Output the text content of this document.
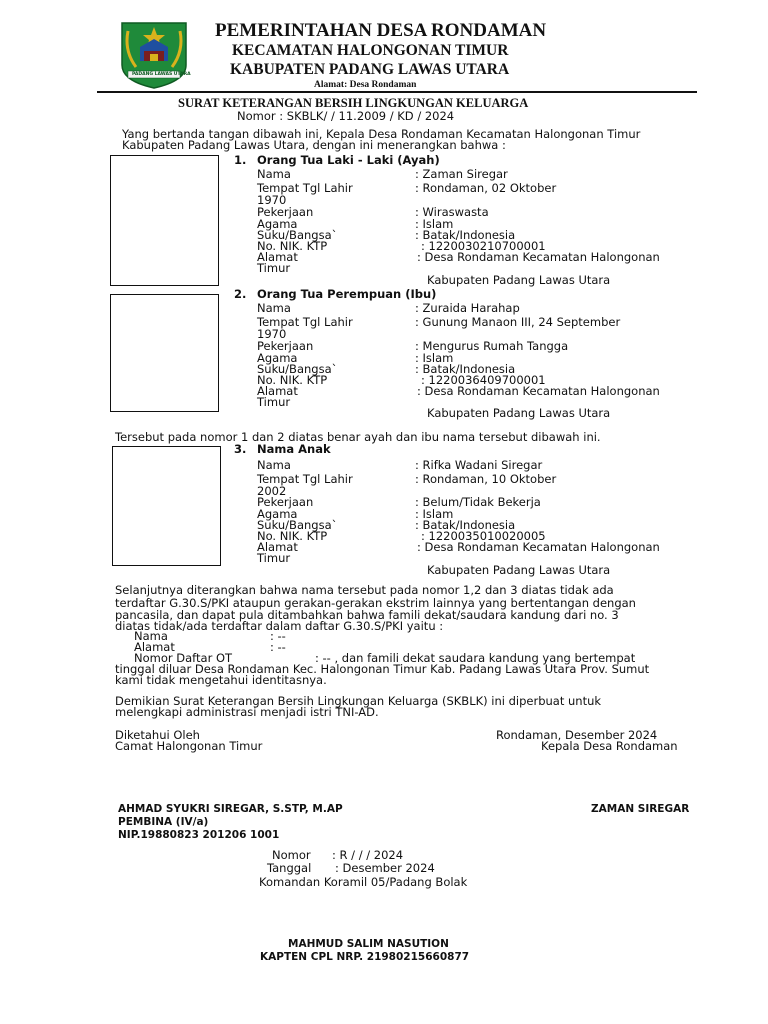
PADANG LAWAS UTARA
PEMERINTAHAN DESA RONDAMAN
KECAMATAN HALONGONAN TIMUR
KABUPATEN PADANG LAWAS UTARA
Alamat: Desa Rondaman
SURAT KETERANGAN BERSIH LINGKUNGAN KELUARGA
Nomor : SKBLK/ / 11.2009 / KD / 2024
Yang bertanda tangan dibawah ini, Kepala Desa Rondaman Kecamatan Halongonan Timur
Kabupaten Padang Lawas Utara, dengan ini menerangkan bahwa :
1. Orang Tua Laki - Laki (Ayah)
Nama	: Zaman Siregar
Tempat Tgl Lahir	: Rondaman, 02 Oktober
1970
Pekerjaan	: Wiraswasta
Agama	: Islam
Suku/Bangsa`	: Batak/Indonesia
No. NIK. KTP	: 1220030210700001
Alamat	: Desa Rondaman Kecamatan Halongonan
Timur
Kabupaten Padang Lawas Utara
2. Orang Tua Perempuan (Ibu)
Nama	: Zuraida Harahap
Tempat Tgl Lahir	: Gunung Manaon III, 24 September
1970
Pekerjaan	: Mengurus Rumah Tangga
Agama	: Islam
Suku/Bangsa`	: Batak/Indonesia
No. NIK. KTP	: 1220036409700001
Alamat	: Desa Rondaman Kecamatan Halongonan
Timur
Kabupaten Padang Lawas Utara
Tersebut pada nomor 1 dan 2 diatas benar ayah dan ibu nama tersebut dibawah ini.
3. Nama Anak
Nama	: Rifka Wadani Siregar
Tempat Tgl Lahir	: Rondaman, 10 Oktober
2002
Pekerjaan	: Belum/Tidak Bekerja
Agama	: Islam
Suku/Bangsa`	: Batak/Indonesia
No. NIK. KTP	: 1220035010020005
Alamat	: Desa Rondaman Kecamatan Halongonan
Timur
Kabupaten Padang Lawas Utara
Selanjutnya diterangkan bahwa nama tersebut pada nomor 1,2 dan 3 diatas tidak ada
terdaftar G.30.S/PKI ataupun gerakan-gerakan ekstrim lainnya yang bertentangan dengan
pancasila, dan dapat pula ditambahkan bahwa famili dekat/saudara kandung dari no. 3
diatas tidak/ada terdaftar dalam daftar G.30.S/PKI yaitu :
Nama	: --
Alamat	: --
Nomor Daftar OT	: -- , dan famili dekat saudara kandung yang bertempat
tinggal diluar Desa Rondaman Kec. Halongonan Timur Kab. Padang Lawas Utara Prov. Sumut
kami tidak mengetahui identitasnya.
Demikian Surat Keterangan Bersih Lingkungan Keluarga (SKBLK) ini diperbuat untuk
melengkapi administrasi menjadi istri TNI-AD.
Diketahui Oleh
Camat Halongonan Timur
Rondaman, Desember 2024
Kepala Desa Rondaman
AHMAD SYUKRI SIREGAR, S.STP, M.AP
PEMBINA (IV/a)
NIP.19880823 201206 1001
ZAMAN SIREGAR
Nomor : R / / / 2024
Tanggal : Desember 2024
Komandan Koramil 05/Padang Bolak
MAHMUD SALIM NASUTION
KAPTEN CPL NRP. 21980215660877
